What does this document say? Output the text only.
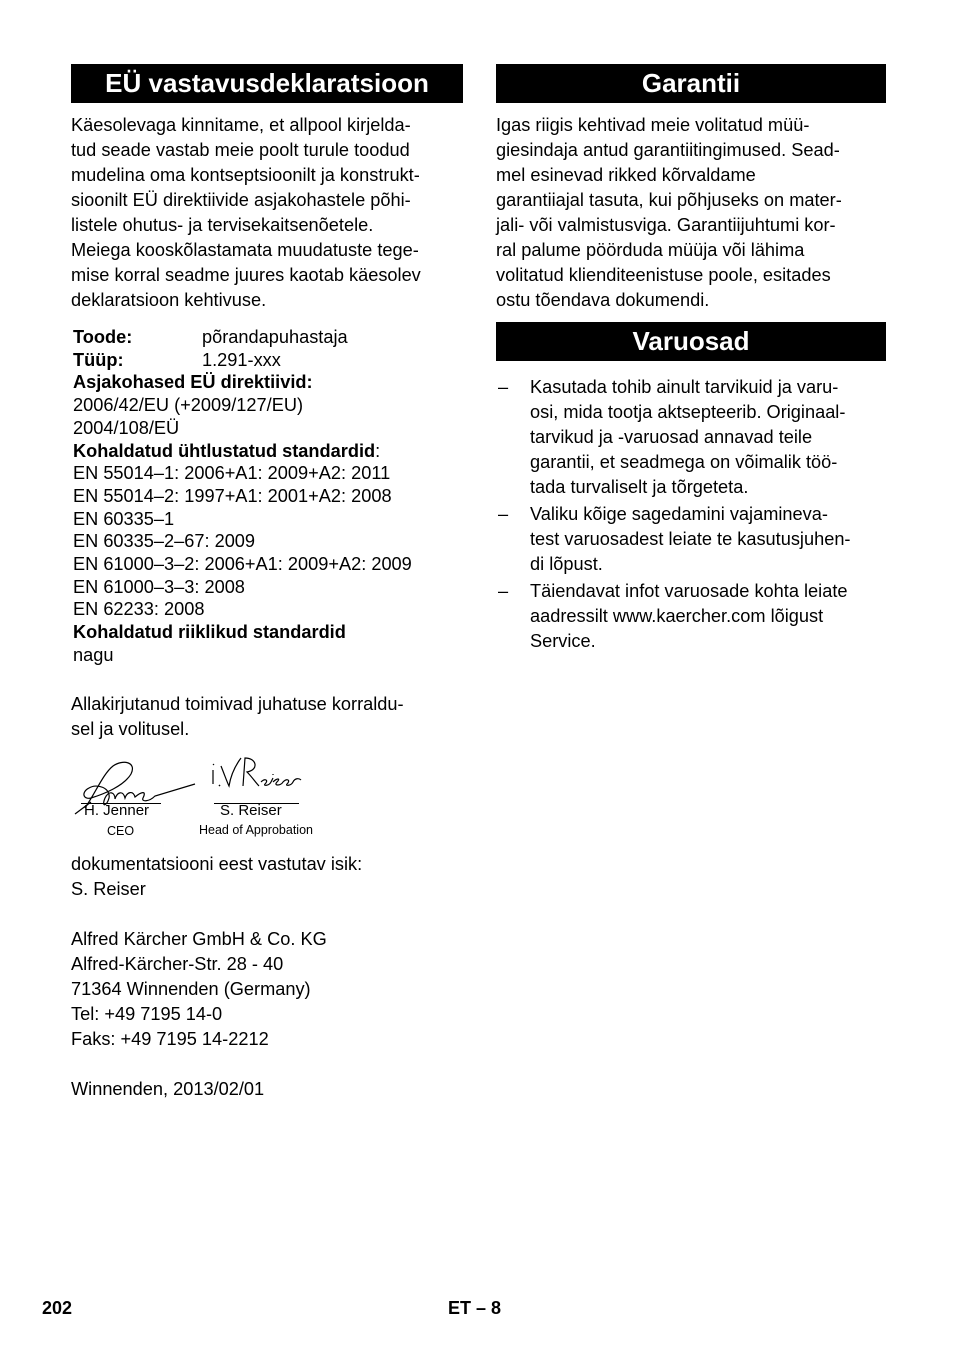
EÜ vastavusdeklaratsioon
Käesolevaga kinnitame, et allpool kirjelda-
tud seade vastab meie poolt turule toodud
mudelina oma kontseptsioonilt ja konstrukt-
sioonilt EÜ direktiivide asjakohastele põhi-
listele ohutus- ja tervisekaitsenõetele.
Meiega kooskõlastamata muudatuste tege-
mise korral seadme juures kaotab käesolev
deklaratsioon kehtivuse.
Toode:	põrandapuhastaja
Tüüp:	1.291-xxx
Asjakohased EÜ direktiivid:
2006/42/EU (+2009/127/EU)
2004/108/EÜ
Kohaldatud ühtlustatud standardid:
EN 55014–1: 2006+A1: 2009+A2: 2011
EN 55014–2: 1997+A1: 2001+A2: 2008
EN 60335–1
EN 60335–2–67: 2009
EN 61000–3–2: 2006+A1: 2009+A2: 2009
EN 61000–3–3: 2008
EN 62233: 2008
Kohaldatud riiklikud standardid
nagu
Allakirjutanud toimivad juhatuse korraldu-
sel ja volitusel.
H. Jenner
CEO
S. Reiser
Head of Approbation
dokumentatsiooni eest vastutav isik:
S. Reiser
Alfred Kärcher GmbH & Co. KG
Alfred-Kärcher-Str. 28 - 40
71364 Winnenden (Germany)
Tel: +49 7195 14-0
Faks: +49 7195 14-2212
Winnenden, 2013/02/01
Garantii
Igas riigis kehtivad meie volitatud müü-
giesindaja antud garantiitingimused. Sead-
mel esinevad rikked kõrvaldame
garantiiajal tasuta, kui põhjuseks on mater-
jali- või valmistusviga. Garantiijuhtumi kor-
ral palume pöörduda müüja või lähima
volitatud klienditeenistuse poole, esitades
ostu tõendava dokumendi.
Varuosad
–	Kasutada tohib ainult tarvikuid ja varu-
osi, mida tootja aktsepteerib. Originaal-
tarvikud ja -varuosad annavad teile
garantii, et seadmega on võimalik töö-
tada turvaliselt ja tõrgeteta.
–	Valiku kõige sagedamini vajamineva-
test varuosadest leiate te kasutusjuhen-
di lõpust.
–	Täiendavat infot varuosade kohta leiate
aadressilt www.kaercher.com lõigust
Service.
202	ET – 8
